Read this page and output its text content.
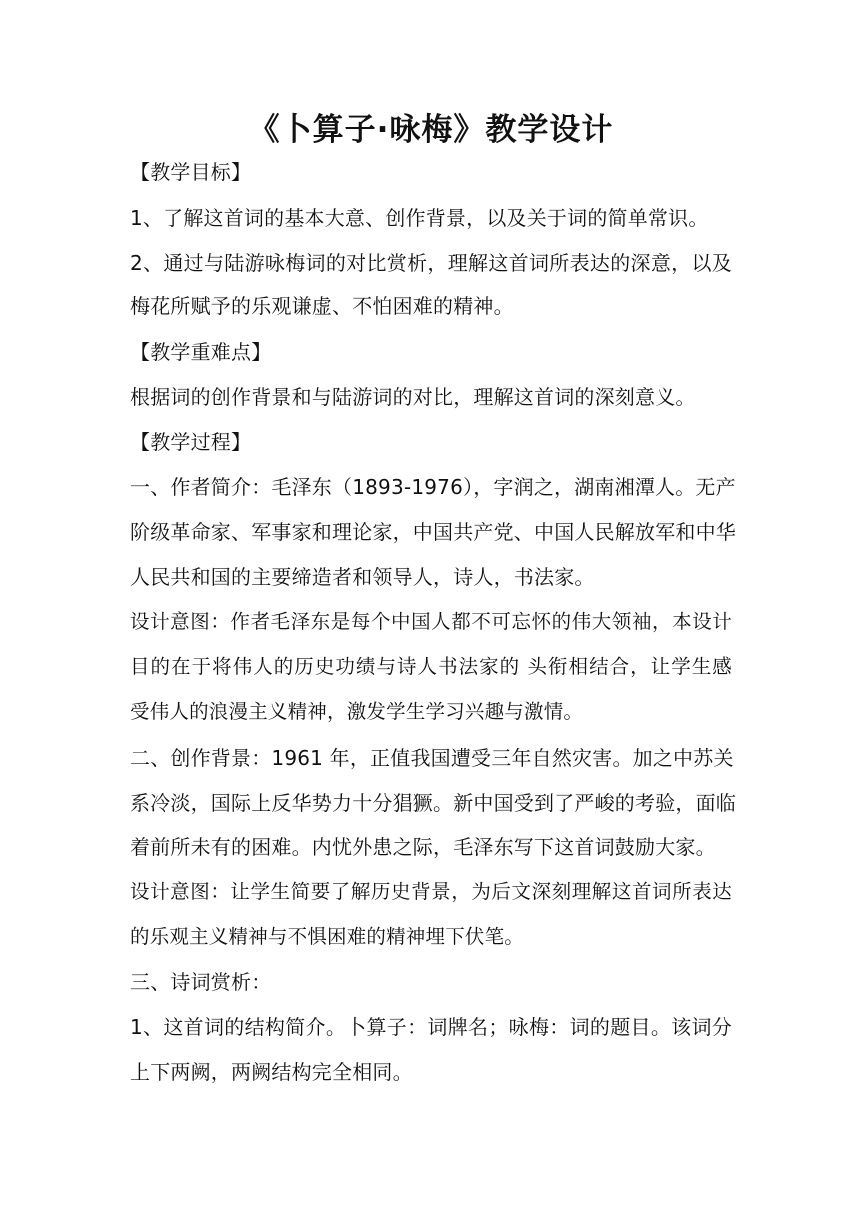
《卜算子·咏梅》教学设计
【教学目标】
1、了解这首词的基本大意、创作背景，以及关于词的简单常识。
2、通过与陆游咏梅词的对比赏析，理解这首词所表达的深意，以及
梅花所赋予的乐观谦虚、不怕困难的精神。
【教学重难点】
根据词的创作背景和与陆游词的对比，理解这首词的深刻意义。
【教学过程】
一、作者简介：毛泽东（1893-1976），字润之，湖南湘潭人。无产
阶级革命家、军事家和理论家，中国共产党、中国人民解放军和中华
人民共和国的主要缔造者和领导人，诗人，书法家。
设计意图：作者毛泽东是每个中国人都不可忘怀的伟大领袖，本设计
目的在于将伟人的历史功绩与诗人书法家的 头衔相结合，让学生感
受伟人的浪漫主义精神，激发学生学习兴趣与激情。
二、创作背景：1961 年，正值我国遭受三年自然灾害。加之中苏关
系冷淡，国际上反华势力十分猖獗。新中国受到了严峻的考验，面临
着前所未有的困难。内忧外患之际，毛泽东写下这首词鼓励大家。
设计意图：让学生简要了解历史背景，为后文深刻理解这首词所表达
的乐观主义精神与不惧困难的精神埋下伏笔。
三、诗词赏析：
1、这首词的结构简介。卜算子：词牌名；咏梅：词的题目。该词分
上下两阙，两阙结构完全相同。
